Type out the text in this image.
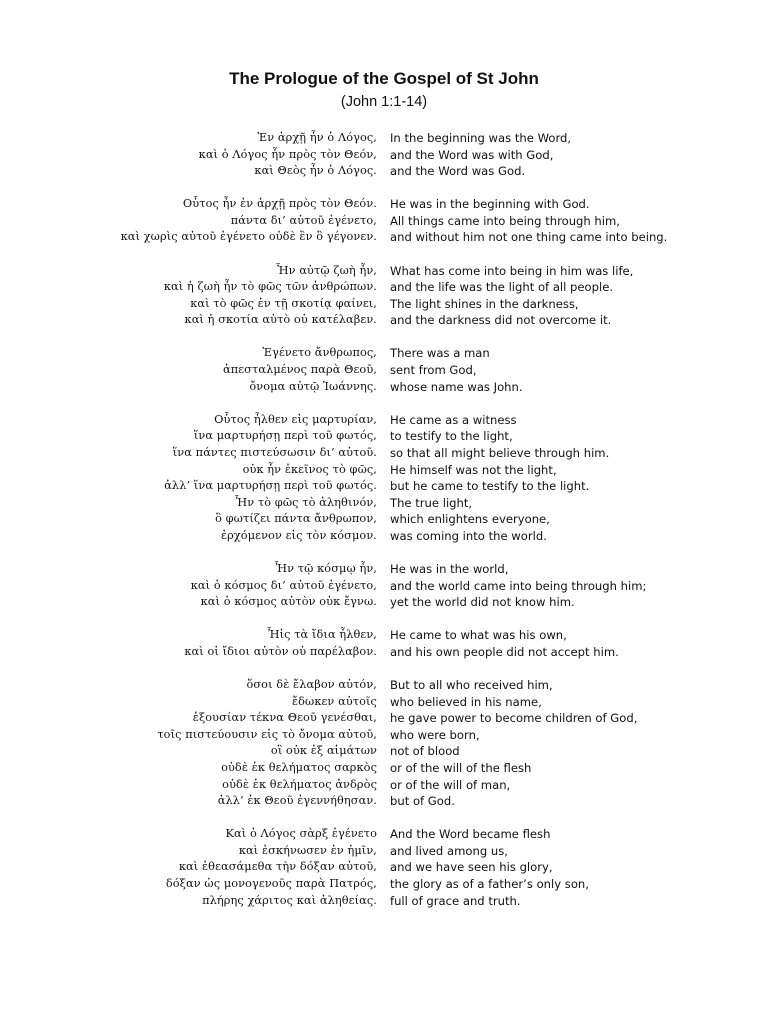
The Prologue of the Gospel of St John
(John 1:1-14)
Ἐν ἀρχῇ ἦν ὁ Λόγος, In the beginning was the Word,
καὶ ὁ Λόγος ἦν πρὸς τὸν Θεόν, and the Word was with God,
καὶ Θεὸς ἦν ὁ Λόγος. and the Word was God.
Οὗτος ἦν ἐν ἀρχῇ πρὸς τὸν Θεόν. He was in the beginning with God.
πάντα δι’ αὐτοῦ ἐγένετο, All things came into being through him,
καὶ χωρὶς αὐτοῦ ἐγένετο οὐδὲ ἓν ὃ γέγονεν. and without him not one thing came into being.
Ἦν αὐτῷ ζωὴ ἦν, What has come into being in him was life,
καὶ ἡ ζωὴ ἦν τὸ φῶς τῶν ἀνθρώπων. and the life was the light of all people.
καὶ τὸ φῶς ἐν τῇ σκοτίᾳ φαίνει, The light shines in the darkness,
καὶ ἡ σκοτία αὐτὸ οὐ κατέλαβεν. and the darkness did not overcome it.
Ἐγένετο ἄνθρωπος, There was a man
ἀπεσταλμένος παρὰ Θεοῦ, sent from God,
ὄνομα αὐτῷ Ἰωάννης. whose name was John.
Οὗτος ἦλθεν εἰς μαρτυρίαν, He came as a witness
ἵνα μαρτυρήσῃ περὶ τοῦ φωτός, to testify to the light,
ἵνα πάντες πιστεύσωσιν δι’ αὐτοῦ. so that all might believe through him.
οὐκ ἦν ἐκεῖνος τὸ φῶς, He himself was not the light,
ἀλλ’ ἵνα μαρτυρήσῃ περὶ τοῦ φωτός. but he came to testify to the light.
Ἦν τὸ φῶς τὸ ἀληθινόν, The true light,
ὃ φωτίζει πάντα ἄνθρωπον, which enlightens everyone,
ἐρχόμενον εἰς τὸν κόσμον. was coming into the world.
Ἦν τῷ κόσμῳ ἦν, He was in the world,
καὶ ὁ κόσμος δι’ αὐτοῦ ἐγένετο, and the world came into being through him;
καὶ ὁ κόσμος αὐτὸν οὐκ ἔγνω. yet the world did not know him.
Ἦἰς τὰ ἴδια ἦλθεν, He came to what was his own,
καὶ οἱ ἴδιοι αὐτὸν οὐ παρέλαβον. and his own people did not accept him.
ὅσοι δὲ ἔλαβον αὐτόν, But to all who received him,
ἔδωκεν αὐτοῖς who believed in his name,
ἐξουσίαν τέκνα Θεοῦ γενέσθαι, he gave power to become children of God,
τοῖς πιστεύουσιν εἰς τὸ ὄνομα αὐτοῦ, who were born,
οἳ οὐκ ἐξ αἱμάτων not of blood
οὐδὲ ἐκ θελήματος σαρκὸς or of the will of the flesh
οὐδὲ ἐκ θελήματος ἀνδρὸς or of the will of man,
ἀλλ’ ἐκ Θεοῦ ἐγεννήθησαν. but of God.
Καὶ ὁ Λόγος σὰρξ ἐγένετο And the Word became flesh
καὶ ἐσκήνωσεν ἐν ἡμῖν, and lived among us,
καὶ ἐθεασάμεθα τὴν δόξαν αὐτοῦ, and we have seen his glory,
δόξαν ὡς μονογενοῦς παρὰ Πατρός, the glory as of a father’s only son,
πλήρης χάριτος καὶ ἀληθείας. full of grace and truth.
